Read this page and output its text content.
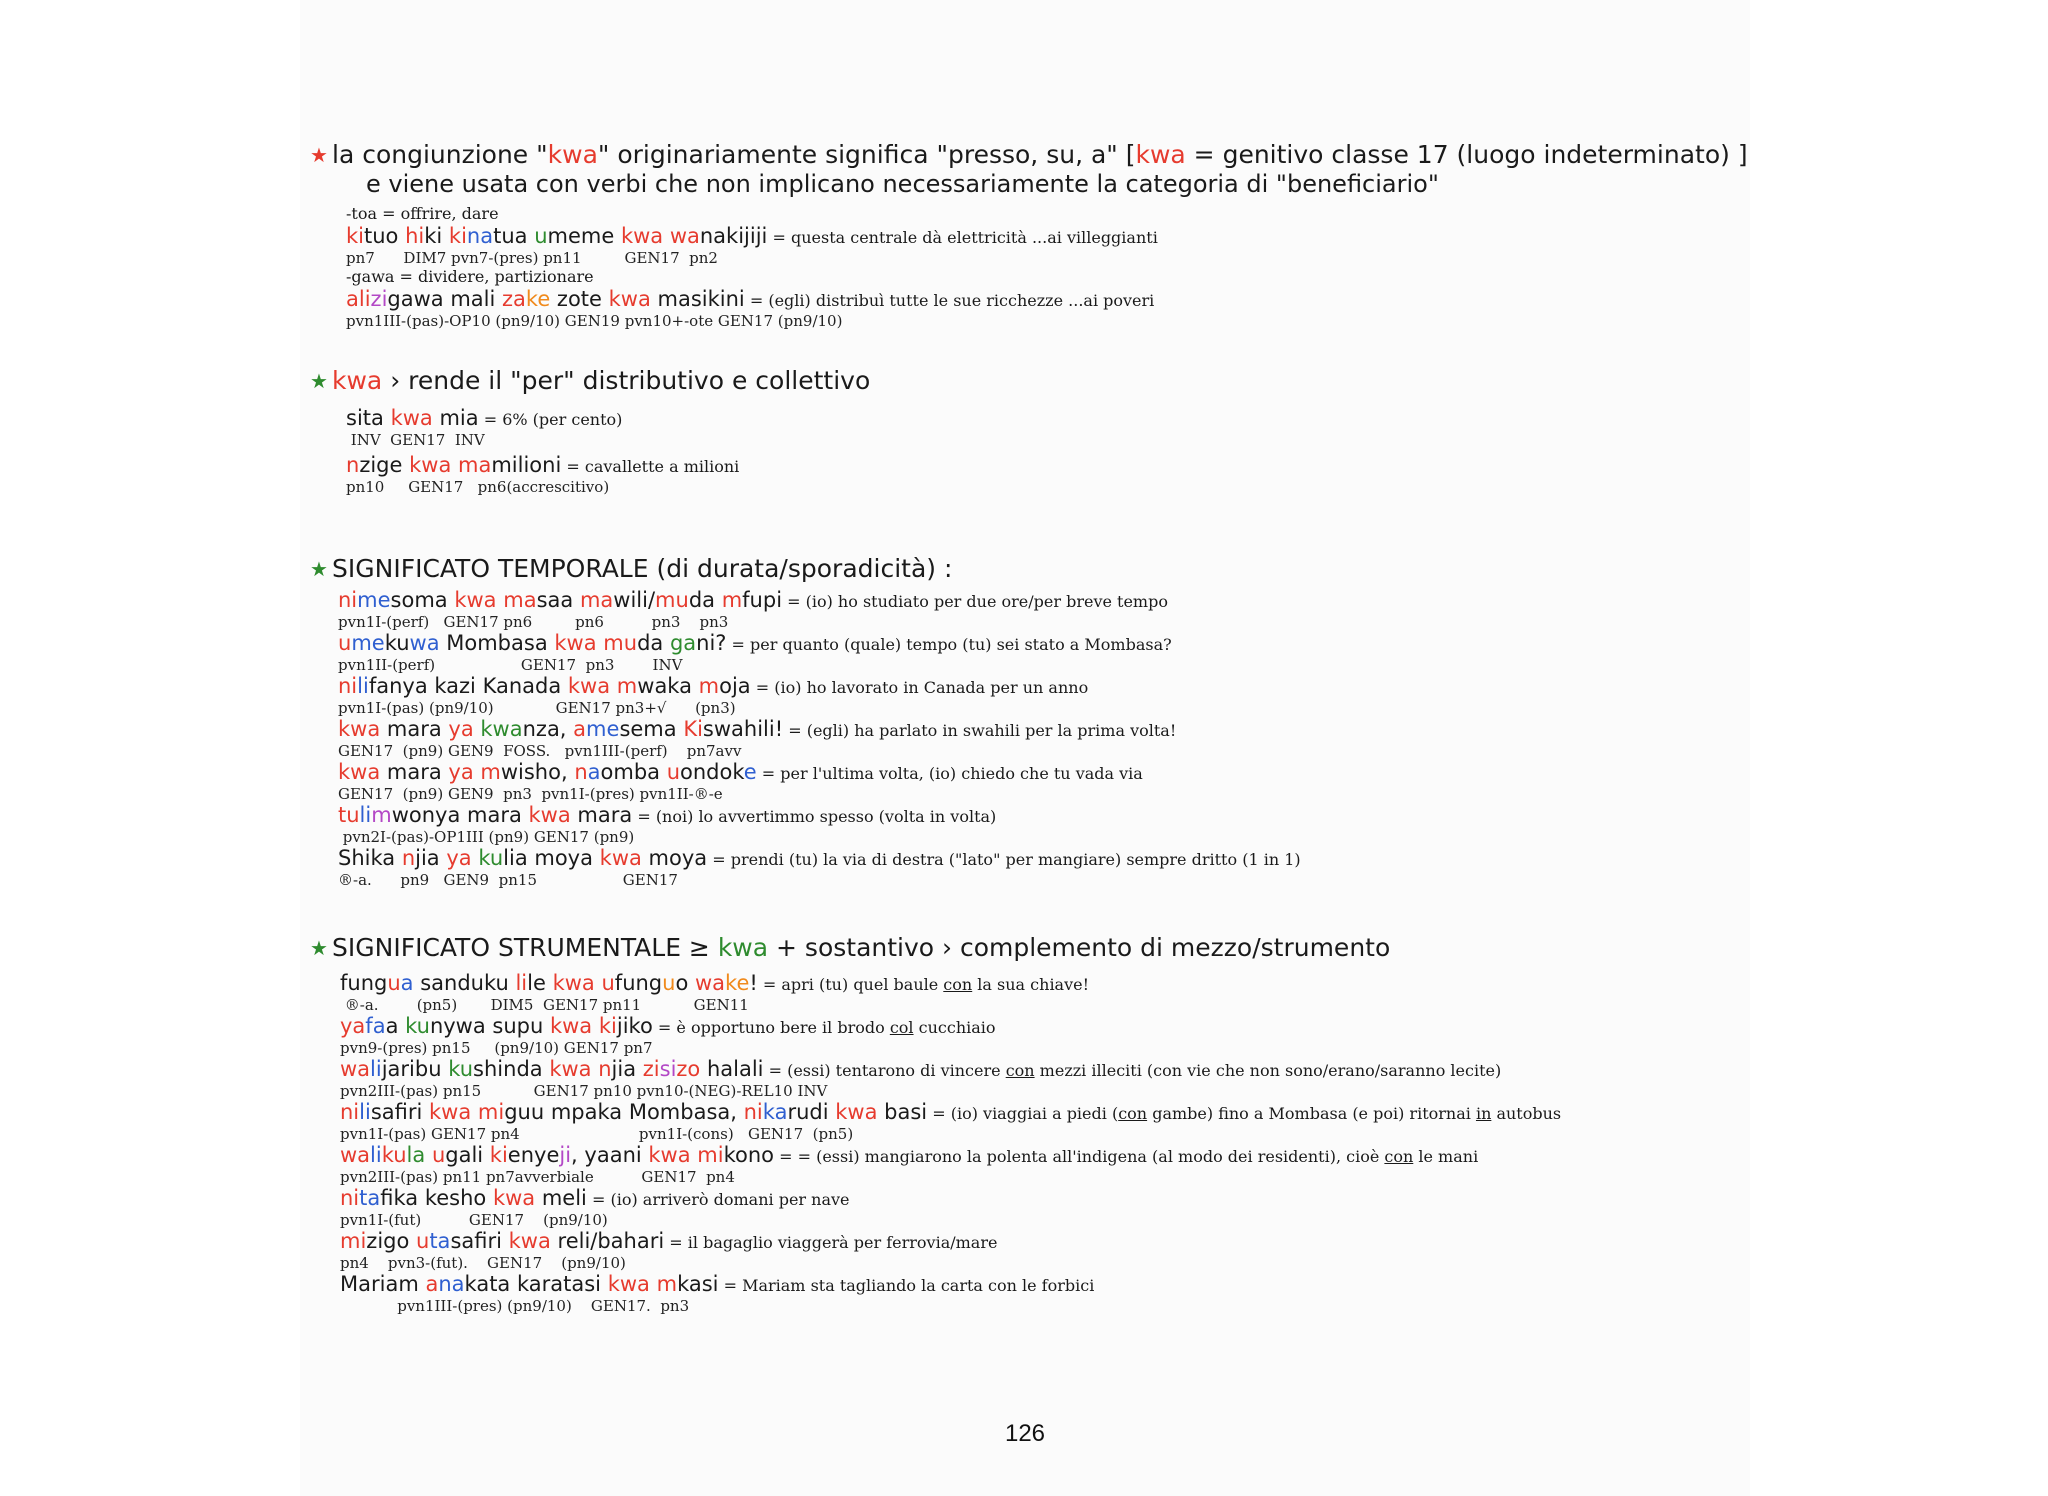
★ la congiunzione "kwa" originariamente significa "presso, su, a" [kwa = genitivo classe 17 (luogo indeterminato) ]
e viene usata con verbi che non implicano necessariamente la categoria di "beneficiario"
-toa = offrire, dare
kituo hiki kinatua umeme kwa wanakijiji = questa centrale dà elettricità ...ai villeggianti
pn7      DIM7 pvn7-(pres) pn11         GEN17  pn2
-gawa = dividere, partizionare
alizigawa mali zake zote kwa masikini = (egli) distribuì tutte le sue ricchezze ...ai poveri
pvn1III-(pas)-OP10 (pn9/10) GEN19 pvn10+-ote GEN17 (pn9/10)
★ kwa › rende il "per" distributivo e collettivo
sita kwa mia = 6% (per cento)
INV  GEN17  INV
nzige kwa mamilioni = cavallette a milioni
pn10     GEN17   pn6(accrescitivo)
★ SIGNIFICATO TEMPORALE (di durata/sporadicità) :
nimesoma kwa masaa mawili/muda mfupi = (io) ho studiato per due ore/per breve tempo
pvn1I-(perf)   GEN17 pn6         pn6          pn3    pn3
umekuwa Mombasa kwa muda gani? = per quanto (quale) tempo (tu) sei stato a Mombasa?
pvn1II-(perf)                  GEN17  pn3        INV
nilifanya kazi Kanada kwa mwaka moja = (io) ho lavorato in Canada per un anno
pvn1I-(pas) (pn9/10)             GEN17 pn3+√      (pn3)
kwa mara ya kwanza, amesema Kiswahili! = (egli) ha parlato in swahili per la prima volta!
GEN17  (pn9) GEN9  FOSS.   pvn1III-(perf)    pn7avv
kwa mara ya mwisho, naomba uondoke = per l'ultima volta, (io) chiedo che tu vada via
GEN17  (pn9) GEN9  pn3  pvn1I-(pres) pvn1II-®-e
tulimwonya mara kwa mara = (noi) lo avvertimmo spesso (volta in volta)
pvn2I-(pas)-OP1III (pn9) GEN17 (pn9)
Shika njia ya kulia moya kwa moya = prendi (tu) la via di destra ("lato" per mangiare) sempre dritto (1 in 1)
®-a.      pn9   GEN9  pn15                  GEN17
★ SIGNIFICATO STRUMENTALE ≥ kwa + sostantivo › complemento di mezzo/strumento
fungua sanduku lile kwa ufunguo wake! = apri (tu) quel baule con la sua chiave!
®-a.        (pn5)       DIM5  GEN17 pn11           GEN11
yafaa kunywa supu kwa kijiko = è opportuno bere il brodo col cucchiaio
pvn9-(pres) pn15     (pn9/10) GEN17 pn7
walijaribu kushinda kwa njia zisizo halali = (essi) tentarono di vincere con mezzi illeciti (con vie che non sono/erano/saranno lecite)
pvn2III-(pas) pn15           GEN17 pn10 pvn10-(NEG)-REL10 INV
nilisafiri kwa miguu mpaka Mombasa, nikarudi kwa basi = (io) viaggiai a piedi (con gambe) fino a Mombasa (e poi) ritornai in autobus
pvn1I-(pas) GEN17 pn4                         pvn1I-(cons)   GEN17  (pn5)
walikula ugali kienyeji, yaani kwa mikono = = (essi) mangiarono la polenta all'indigena (al modo dei residenti), cioè con le mani
pvn2III-(pas) pn11 pn7avverbiale          GEN17  pn4
nitafika kesho kwa meli = (io) arriverò domani per nave
pvn1I-(fut)          GEN17    (pn9/10)
mizigo utasafiri kwa reli/bahari = il bagaglio viaggerà per ferrovia/mare
pn4    pvn3-(fut).    GEN17    (pn9/10)
Mariam anakata karatasi kwa mkasi = Mariam sta tagliando la carta con le forbici
pvn1III-(pres) (pn9/10)    GEN17.  pn3
126
